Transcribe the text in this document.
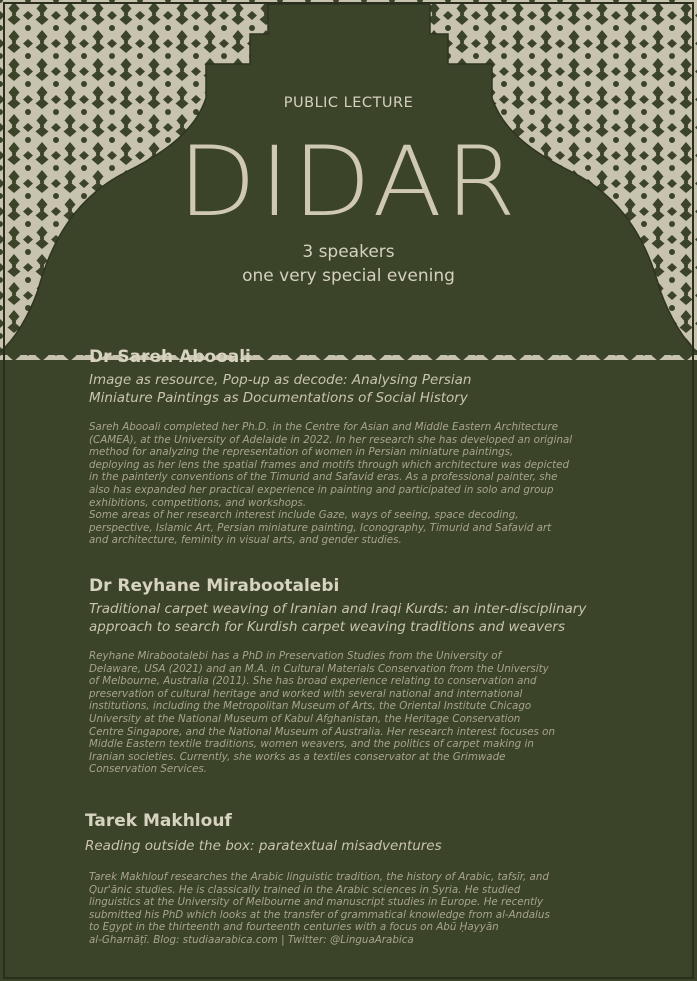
PUBLIC LECTURE
DIDAR
3 speakers
one very special evening

Dr Sareh Abooali

Image as resource, Pop-up as decode: Analysing Persian
Miniature Paintings as Documentations of Social History

Sareh Abooali completed her Ph.D. in the Centre for Asian and Middle Eastern Architecture
(CAMEA), at the University of Adelaide in 2022. In her research she has developed an original
method for analyzing the representation of women in Persian miniature paintings,
deploying as her lens the spatial frames and motifs through which architecture was depicted
in the painterly conventions of the Timurid and Safavid eras. As a professional painter, she
also has expanded her practical experience in painting and participated in solo and group
exhibitions, competitions, and workshops.
Some areas of her research interest include Gaze, ways of seeing, space decoding,
perspective, Islamic Art, Persian miniature painting, Iconography, Timurid and Safavid art
and architecture, feminity in visual arts, and gender studies.

Dr Reyhane Mirabootalebi

Traditional carpet weaving of Iranian and Iraqi Kurds: an inter-disciplinary
approach to search for Kurdish carpet weaving traditions and weavers

Reyhane Mirabootalebi has a PhD in Preservation Studies from the University of
Delaware, USA (2021) and an M.A. in Cultural Materials Conservation from the University
of Melbourne, Australia (2011). She has broad experience relating to conservation and
preservation of cultural heritage and worked with several national and international
institutions, including the Metropolitan Museum of Arts, the Oriental Institute Chicago
University at the National Museum of Kabul Afghanistan, the Heritage Conservation
Centre Singapore, and the National Museum of Australia. Her research interest focuses on
Middle Eastern textile traditions, women weavers, and the politics of carpet making in
Iranian societies. Currently, she works as a textiles conservator at the Grimwade
Conservation Services.

Tarek Makhlouf

Reading outside the box: paratextual misadventures

Tarek Makhlouf researches the Arabic linguistic tradition, the history of Arabic, tafsīr, and
Qur'ānic studies. He is classically trained in the Arabic sciences in Syria. He studied
linguistics at the University of Melbourne and manuscript studies in Europe. He recently
submitted his PhD which looks at the transfer of grammatical knowledge from al-Andalus
to Egypt in the thirteenth and fourteenth centuries with a focus on Abū Ḥayyān
al-Gharnāṭī. Blog: studiaarabica.com | Twitter: @LinguaArabica
